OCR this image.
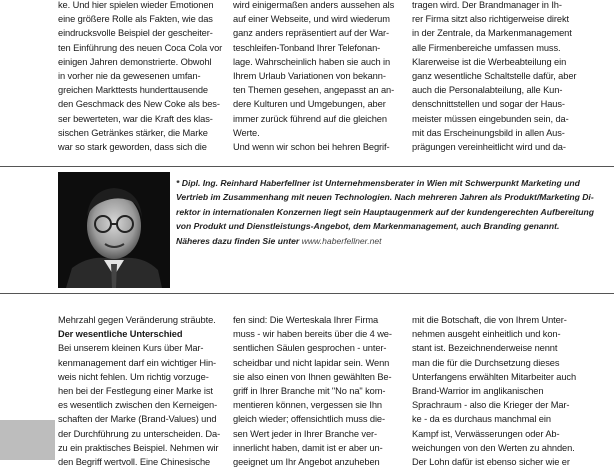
ke. Und hier spielen wieder Emotionen
eine größere Rolle als Fakten, wie das
eindrucksvolle Beispiel der gescheiter-
ten Einführung des neuen Coca Cola vor
einigen Jahren demonstrierte. Obwohl
in vorher nie da gewesenen umfan-
greichen Markttests hunderttausende
den Geschmack des New Coke als bes-
ser bewerteten, war die Kraft des klas-
sischen Getränkes stärker, die Marke
war so stark geworden, dass sich die
wird einigermaßen anders aussehen als
auf einer Webseite, und wird wiederum
ganz anders repräsentiert auf der War-
teschleifen-Tonband Ihrer Telefonan-
lage. Wahrscheinlich haben sie auch in
Ihrem Urlaub Variationen von bekann-
ten Themen gesehen, angepasst an an-
dere Kulturen und Umgebungen, aber
immer zurück führend auf die gleichen
Werte.
Und wenn wir schon bei hehren Begrif-
tragen wird. Der Brandmanager in Ih-
rer Firma sitzt also richtigerweise direkt
in der Zentrale, da Markenmanagement
alle Firmenbereiche umfassen muss.
Klarerweise ist die Werbeabteilung ein
ganz wesentliche Schaltstelle dafür, aber
auch die Personalabteilung, alle Kun-
denschnittstellen und sogar der Haus-
meister müssen eingebunden sein, da-
mit das Erscheinungsbild in allen Aus-
prägungen vereinheitlicht wird und da-
* Dipl. Ing. Reinhard Haberfellner ist Unternehmensberater in Wien mit Schwerpunkt Marketing und
Vertrieb im Zusammenhang mit neuen Technologien. Nach mehreren Jahren als Produkt/Marketing Di-
rektor in internationalen Konzernen liegt sein Hauptaugenmerk auf der kundengerechten Aufbereitung
von Produkt und Dienstleistungs-Angebot, dem Markenmanagement, auch Branding genannt.
Näheres dazu finden Sie unter www.haberfellner.net
Mehrzahl gegen Veränderung sträubte.
Der wesentliche Unterschied
Bei unserem kleinen Kurs über Mar-
kenmanagement darf ein wichtiger Hin-
weis nicht fehlen. Um richtig vorzuge-
hen bei der Festlegung einer Marke ist
es wesentlich zwischen den Kerneigen-
schaften der Marke (Brand-Values) und
der Durchführung zu unterscheiden. Da-
zu ein praktisches Beispiel. Nehmen wir
den Begriff wertvoll. Eine Chinesische
fen sind: Die Werteskala Ihrer Firma
muss - wir haben bereits über die 4 we-
sentlichen Säulen gesprochen - unter-
scheidbar und nicht lapidar sein. Wenn
sie also einen von Ihnen gewählten Be-
griff in Ihrer Branche mit "No na" kom-
mentieren können, vergessen sie Ihn
gleich wieder; offensichtlich muss die-
sen Wert jeder in Ihrer Branche ver-
innerlicht haben, damit ist er aber un-
geeignet um Ihr Angebot anzuheben
mit die Botschaft, die von Ihrem Unter-
nehmen ausgeht einheitlich und kon-
stant ist. Bezeichnenderweise nennt
man die für die Durchsetzung dieses
Unterfangens erwählten Mitarbeiter auch
Brand-Warrior im anglikanischen
Sprachraum - also die Krieger der Mar-
ke - da es durchaus manchmal ein
Kampf ist, Verwässerungen oder Ab-
weichungen von den Werten zu ahnden.
Der Lohn dafür ist ebenso sicher wie er
